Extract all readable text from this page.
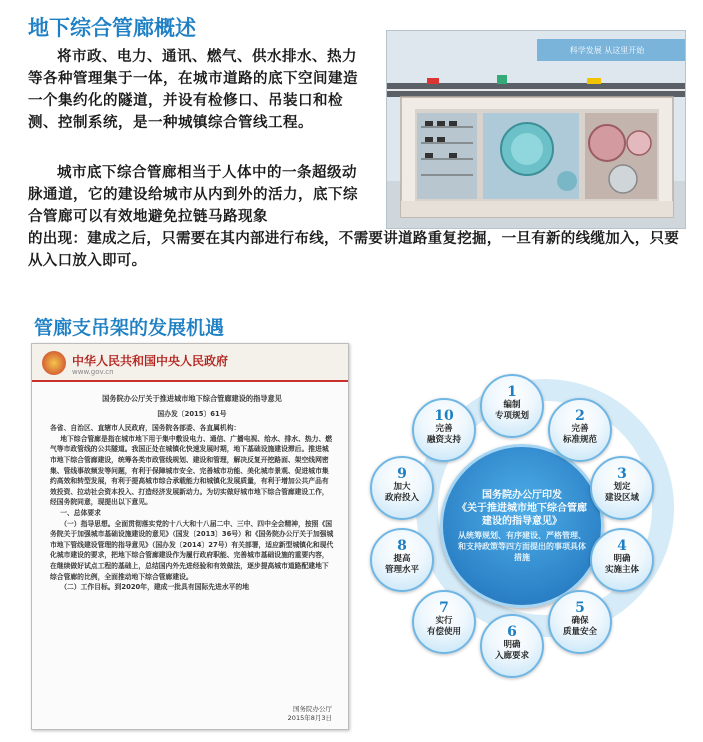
地下综合管廊概述
将市政、电力、通讯、燃气、供水排水、热力等各种管理集于一体，在城市道路的底下空间建造一个集约化的隧道，并设有检修口、吊装口和检测、控制系统，是一种城镇综合管线工程。
城市底下综合管廊相当于人体中的一条超级动脉通道，它的建设给城市从内到外的活力，底下综合管廊可以有效地避免拉链马路现象
的出现：建成之后，只需要在其内部进行布线，不需要讲道路重复挖掘，一旦有新的线缆加入，只要从入口放入即可。
科学发展 从这里开始
管廊支吊架的发展机遇
中华人民共和国中央人民政府
www.gov.cn

国务院办公厅关于推进城市地下综合管廊建设的指导意见

国办发〔2015〕61号

各省、自治区、直辖市人民政府，国务院各部委、各直属机构：

地下综合管廊是指在城市地下用于集中敷设电力、通信、广播电视、给水、排水、热力、燃气等市政管线的公共隧道。我国正处在城镇化快速发展时期，地下基础设施建设滞后。推进城市地下综合管廊建设，统筹各类市政管线规划、建设和管理，解决反复开挖路面、架空线网密集、管线事故频发等问题，有利于保障城市安全、完善城市功能、美化城市景观、促进城市集约高效和转型发展，有利于提高城市综合承载能力和城镇化发展质量，有利于增加公共产品有效投资、拉动社会资本投入、打造经济发展新动力。为切实做好城市地下综合管廊建设工作，经国务院同意，现提出以下意见。

一、总体要求

（一）指导思想。全面贯彻落实党的十八大和十八届二中、三中、四中全会精神，按照《国务院关于加强城市基础设施建设的意见》（国发〔2013〕36号）和《国务院办公厅关于加强城市地下管线建设管理的指导意见》（国办发〔2014〕27号）有关部署，适应新型城镇化和现代化城市建设的要求，把地下综合管廊建设作为履行政府职能、完善城市基础设施的重要内容，在继续做好试点工程的基础上，总结国内外先进经验和有效做法，逐步提高城市道路配建地下综合管廊的比例，全面推动地下综合管廊建设。

（二）工作目标。到2020年，建成一批具有国际先进水平的地

国务院办公厅
2015年8月3日
国务院办公厅印发
《关于推进城市地下综合管廊建设的指导意见》
从统筹规划、有序建设、严格管理、和支持政策等四方面提出的事项具体措施
1
编制
专项规划	2
完善
标准规范
3
划定
建设区域
4
明确
实施主体
5
确保
质量安全
6
明确
入廊要求
7
实行
有偿使用
8
提高
管理水平
9
加大
政府投入
10
完善
融资支持
